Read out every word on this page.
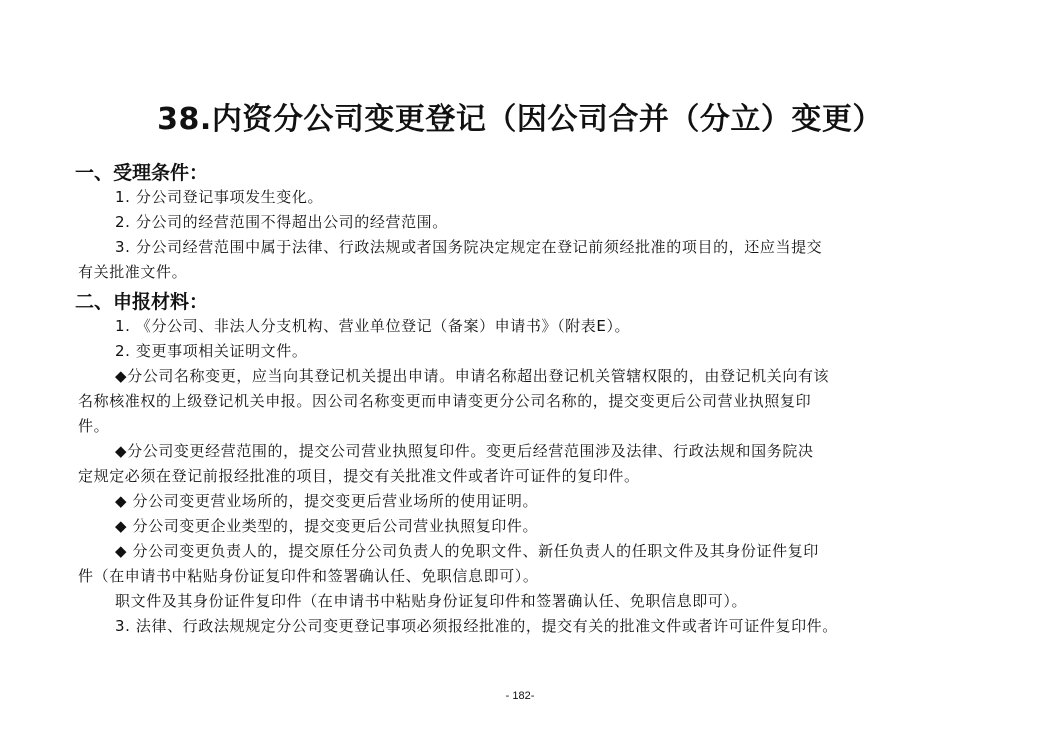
38.内资分公司变更登记（因公司合并（分立）变更）
一、受理条件：
1. 分公司登记事项发生变化。
2. 分公司的经营范围不得超出公司的经营范围。
3. 分公司经营范围中属于法律、行政法规或者国务院决定规定在登记前须经批准的项目的，还应当提交
有关批准文件。
二、申报材料：
1. 《分公司、非法人分支机构、营业单位登记（备案）申请书》（附表E）。
2. 变更事项相关证明文件。
◆分公司名称变更，应当向其登记机关提出申请。申请名称超出登记机关管辖权限的，由登记机关向有该
名称核准权的上级登记机关申报。因公司名称变更而申请变更分公司名称的，提交变更后公司营业执照复印
件。
◆分公司变更经营范围的，提交公司营业执照复印件。变更后经营范围涉及法律、行政法规和国务院决
定规定必须在登记前报经批准的项目，提交有关批准文件或者许可证件的复印件。
◆ 分公司变更营业场所的，提交变更后营业场所的使用证明。
◆ 分公司变更企业类型的，提交变更后公司营业执照复印件。
◆ 分公司变更负责人的，提交原任分公司负责人的免职文件、新任负责人的任职文件及其身份证件复印
件（在申请书中粘贴身份证复印件和签署确认任、免职信息即可）。
职文件及其身份证件复印件（在申请书中粘贴身份证复印件和签署确认任、免职信息即可）。
3. 法律、行政法规规定分公司变更登记事项必须报经批准的，提交有关的批准文件或者许可证件复印件。
- 182-
